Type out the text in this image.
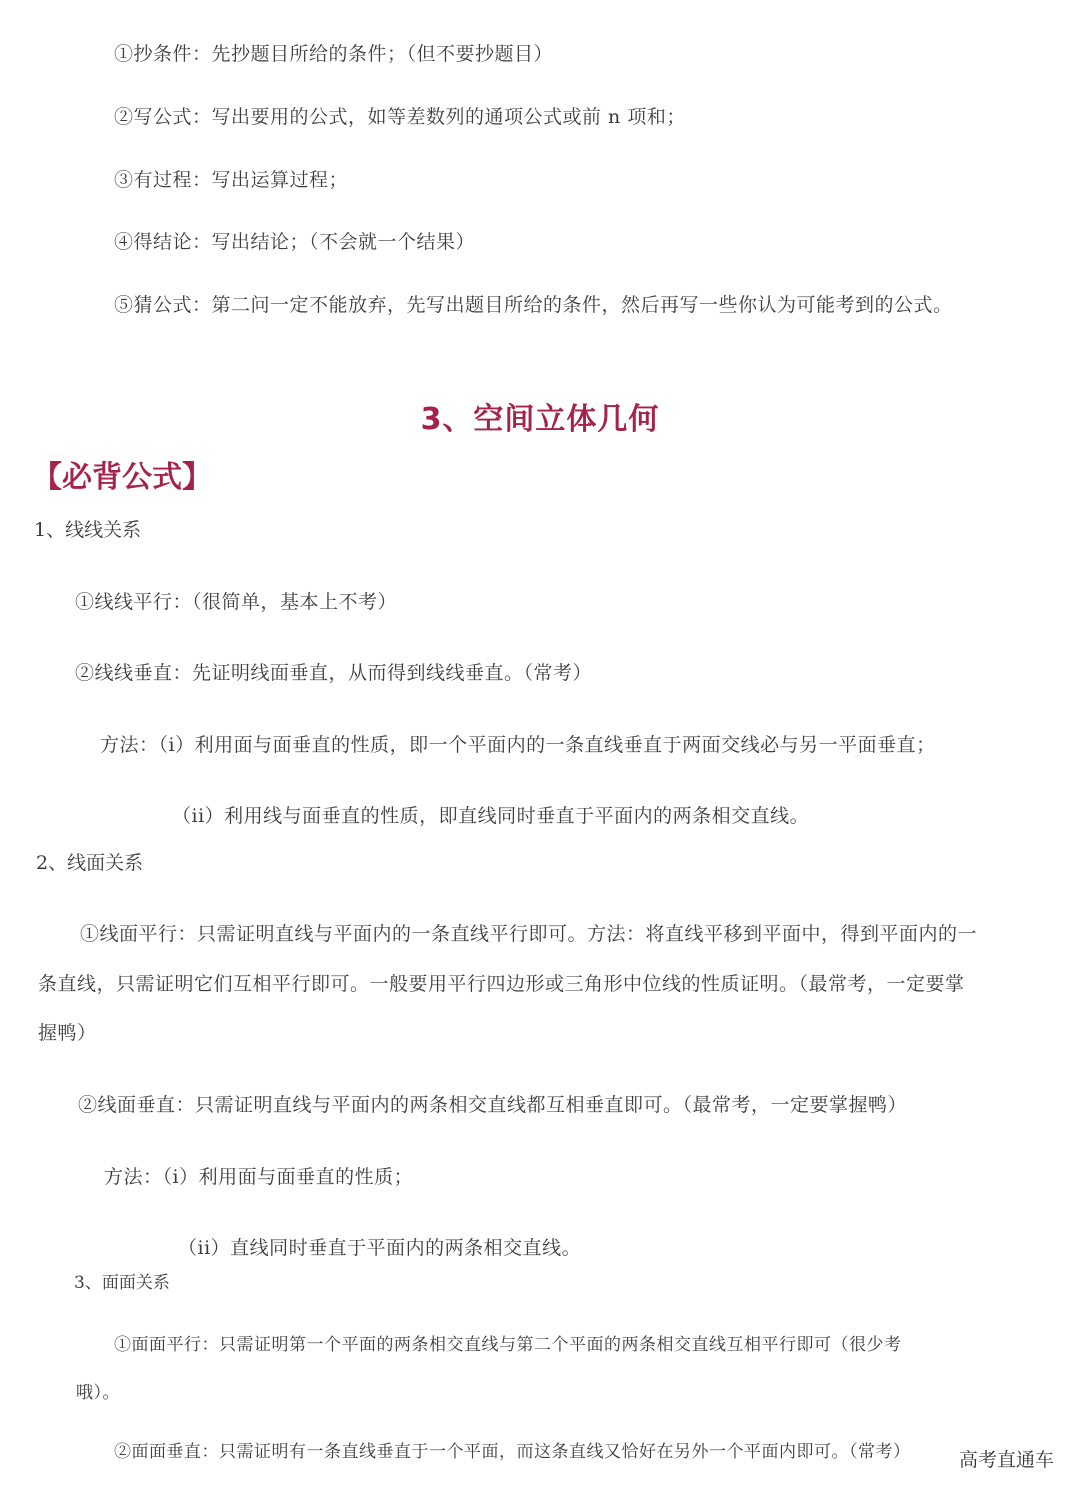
①抄条件：先抄题目所给的条件；（但不要抄题目）
②写公式：写出要用的公式，如等差数列的通项公式或前 n 项和；
③有过程：写出运算过程；
④得结论：写出结论；（不会就一个结果）
⑤猜公式：第二问一定不能放弃，先写出题目所给的条件，然后再写一些你认为可能考到的公式。
3、空间立体几何
【必背公式】
1、线线关系
①线线平行：（很简单，基本上不考）
②线线垂直：先证明线面垂直，从而得到线线垂直。（常考）
方法：（i）利用面与面垂直的性质，即一个平面内的一条直线垂直于两面交线必与另一平面垂直；
（ii）利用线与面垂直的性质，即直线同时垂直于平面内的两条相交直线。
2、线面关系
①线面平行：只需证明直线与平面内的一条直线平行即可。方法：将直线平移到平面中，得到平面内的一
条直线，只需证明它们互相平行即可。一般要用平行四边形或三角形中位线的性质证明。（最常考，一定要掌
握鸭）
②线面垂直：只需证明直线与平面内的两条相交直线都互相垂直即可。（最常考，一定要掌握鸭）
方法：（i）利用面与面垂直的性质；
（ii）直线同时垂直于平面内的两条相交直线。
3、面面关系
①面面平行：只需证明第一个平面的两条相交直线与第二个平面的两条相交直线互相平行即可（很少考
哦）。
②面面垂直：只需证明有一条直线垂直于一个平面，而这条直线又恰好在另外一个平面内即可。（常考）	高考直通车
